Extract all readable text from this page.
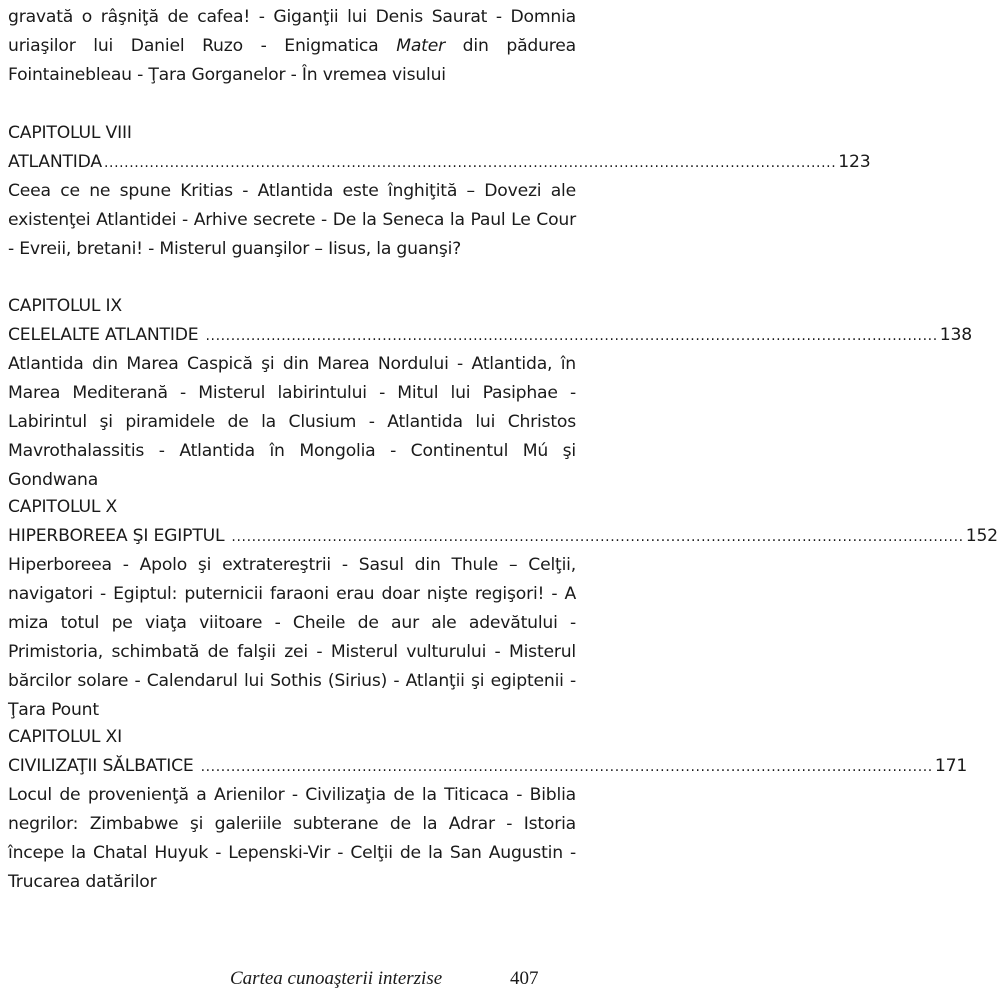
gravată o râşniţă de cafea! - Giganţii lui Denis Saurat - Domnia uriaşilor lui Daniel Ruzo - Enigmatica Mater din pădurea Fointainebleau - Ţara Gorganelor - În vremea visului

CAPITOLUL VIII
ATLANTIDA ................................................................................................................................................. 123

Ceea ce ne spune Kritias - Atlantida este înghiţită – Dovezi ale existenţei Atlantidei - Arhive secrete - De la Seneca la Paul Le Cour - Evreii, bretani! - Misterul guanşilor – Iisus, la guanşi?

CAPITOLUL IX
CELELALTE ATLANTIDE ................................................................................................................................................. 138

Atlantida din Marea Caspică şi din Marea Nordului - Atlantida, în Marea Mediterană - Misterul labirintului - Mitul lui Pasiphae - Labirintul şi piramidele de la Clusium - Atlantida lui Christos Mavrothalassitis - Atlantida în Mongolia - Continentul Mú şi Gondwana

CAPITOLUL X
HIPERBOREEA ŞI EGIPTUL ................................................................................................................................................. 152

Hiperboreea - Apolo şi extratereştrii - Sasul din Thule – Celţii, navigatori - Egiptul: puternicii faraoni erau doar nişte regişori! - A miza totul pe viaţa viitoare - Cheile de aur ale adevătului - Primistoria, schimbată de falşii zei - Misterul vulturului - Misterul bărcilor solare - Calendarul lui Sothis (Sirius) - Atlanţii şi egiptenii - Ţara Pount

CAPITOLUL XI
CIVILIZAŢII SĂLBATICE ................................................................................................................................................. 171

Locul de provenienţă a Arienilor - Civilizaţia de la Titicaca - Biblia negrilor: Zimbabwe şi galeriile subterane de la Adrar - Istoria începe la Chatal Huyuk - Lepenski-Vir - Celţii de la San Augustin - Trucarea datărilor

Cartea cunoaşterii interzise	407
